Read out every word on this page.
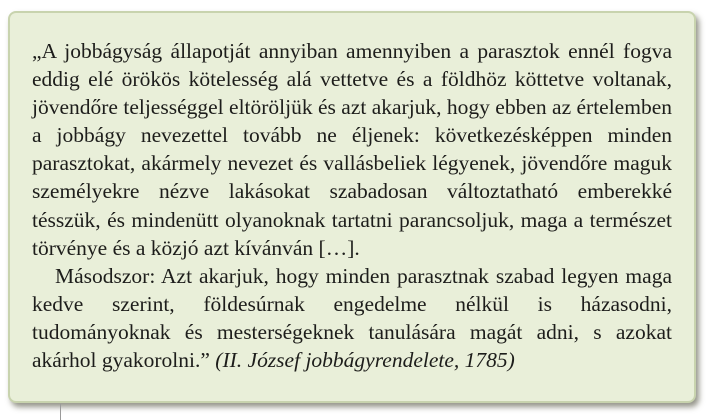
„A jobbágyság állapotját annyiban amennyiben a parasztok ennél fogva eddig elé örökös kötelesség alá vettetve és a földhöz köttetve voltanak, jövendőre teljességgel eltöröljük és azt akarjuk, hogy ebben az értelemben a jobbágy nevezettel tovább ne éljenek: következésképpen minden parasztokat, akármely nevezet és vallásbeliek légyenek, jövendőre maguk személyekre nézve lakásokat szabadosan változtatható emberekké tésszük, és mindenütt olyanoknak tartatni parancsoljuk, maga a természet törvénye és a közjó azt kívánván […].

Másodszor: Azt akarjuk, hogy minden parasztnak szabad legyen maga kedve szerint, földesúrnak engedelme nélkül is házasodni, tudományoknak és mesterségeknek tanulására magát adni, s azokat akárhol gyakorolni.” (II. József jobbágyrendelete, 1785)
